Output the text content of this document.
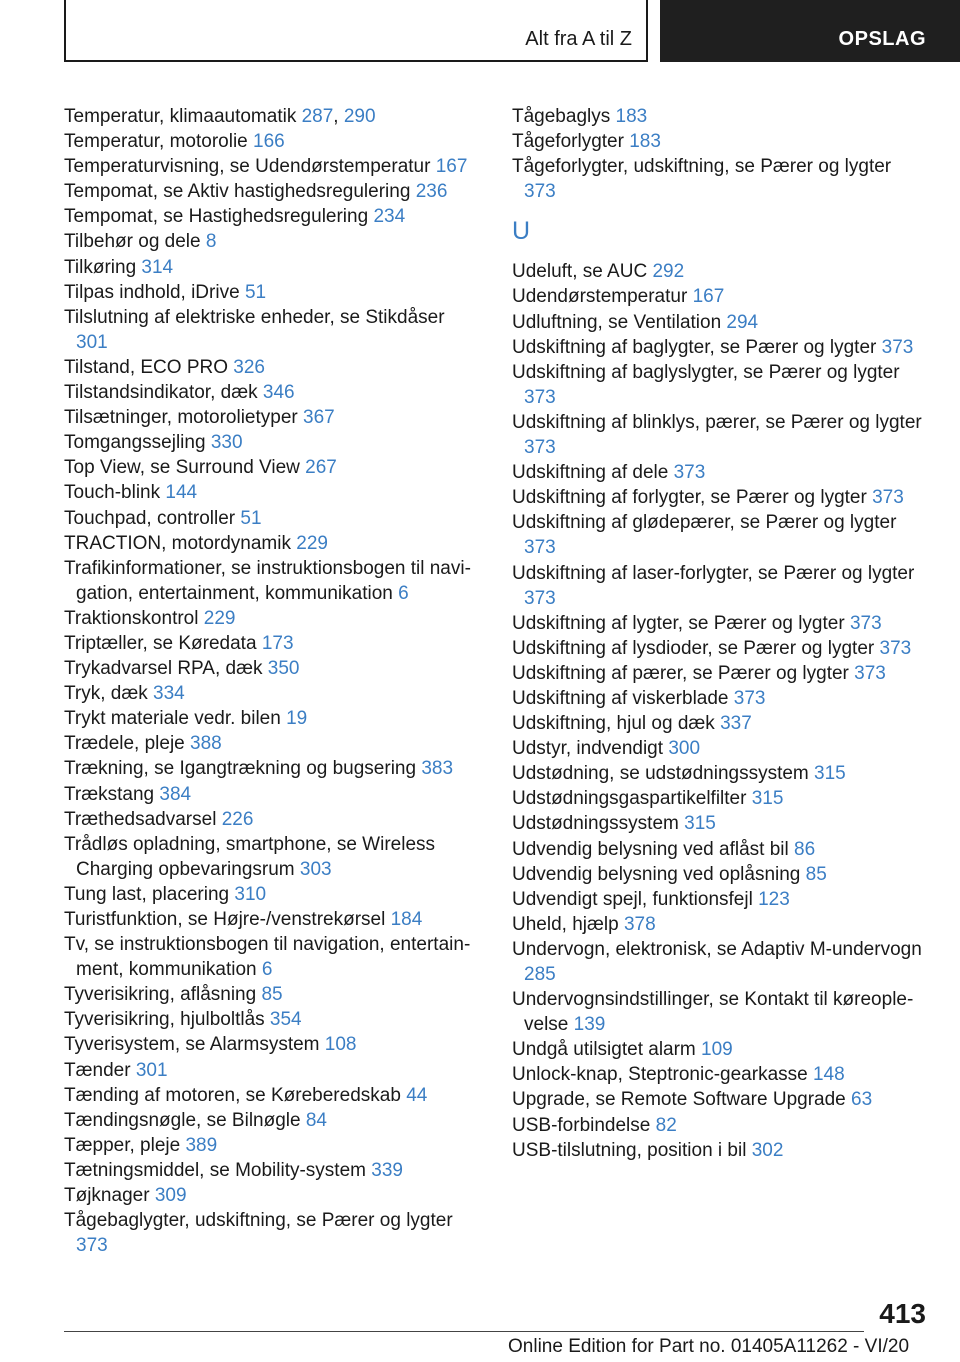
Alt fra A til Z	OPSLAG

Temperatur, klimaautomatik 287, 290

Temperatur, motorolie 166

Temperaturvisning, se Udendørstemperatur 167

Tempomat, se Aktiv hastighedsregulering 236

Tempomat, se Hastighedsregulering 234

Tilbehør og dele 8

Tilkøring 314

Tilpas indhold, iDrive 51

Tilslutning af elektriske enheder, se Stikdåser 301

Tilstand, ECO PRO 326

Tilstandsindikator, dæk 346

Tilsætninger, motorolietyper 367

Tomgangssejling 330

Top View, se Surround View 267

Touch-blink 144

Touchpad, controller 51

TRACTION, motordynamik 229

Trafikinformationer, se instruktionsbogen til navigation, entertainment, kommunikation 6

Traktionskontrol 229

Triptæller, se Køredata 173

Trykadvarsel RPA, dæk 350

Tryk, dæk 334

Trykt materiale vedr. bilen 19

Trædele, pleje 388

Trækning, se Igangtrækning og bugsering 383

Trækstang 384

Træthedsadvarsel 226

Trådløs opladning, smartphone, se Wireless Charging opbevaringsrum 303

Tung last, placering 310

Turistfunktion, se Højre-/venstrekørsel 184

Tv, se instruktionsbogen til navigation, entertainment, kommunikation 6

Tyverisikring, aflåsning 85

Tyverisikring, hjulboltlås 354

Tyverisystem, se Alarmsystem 108

Tænder 301

Tænding af motoren, se Køreberedskab 44

Tændingsnøgle, se Bilnøgle 84

Tæpper, pleje 389

Tætningsmiddel, se Mobility-system 339

Tøjknager 309

Tågebaglygter, udskiftning, se Pærer og lygter 373

Tågebaglys 183

Tågeforlygter 183

Tågeforlygter, udskiftning, se Pærer og lygter 373

U

Udeluft, se AUC 292

Udendørstemperatur 167

Udluftning, se Ventilation 294

Udskiftning af baglygter, se Pærer og lygter 373

Udskiftning af baglyslygter, se Pærer og lygter 373

Udskiftning af blinklys, pærer, se Pærer og lygter 373

Udskiftning af dele 373

Udskiftning af forlygter, se Pærer og lygter 373

Udskiftning af glødepærer, se Pærer og lygter 373

Udskiftning af laser-forlygter, se Pærer og lygter 373

Udskiftning af lygter, se Pærer og lygter 373

Udskiftning af lysdioder, se Pærer og lygter 373

Udskiftning af pærer, se Pærer og lygter 373

Udskiftning af viskerblade 373

Udskiftning, hjul og dæk 337

Udstyr, indvendigt 300

Udstødning, se udstødningssystem 315

Udstødningsgaspartikelfilter 315

Udstødningssystem 315

Udvendig belysning ved aflåst bil 86

Udvendig belysning ved oplåsning 85

Udvendigt spejl, funktionsfejl 123

Uheld, hjælp 378

Undervogn, elektronisk, se Adaptiv M-undervogn 285

Undervognsindstillinger, se Kontakt til køreoplevelse 139

Undgå utilsigtet alarm 109

Unlock-knap, Steptronic-gearkasse 148

Upgrade, se Remote Software Upgrade 63

USB-forbindelse 82

USB-tilslutning, position i bil 302

413
Online Edition for Part no. 01405A11262 - VI/20
